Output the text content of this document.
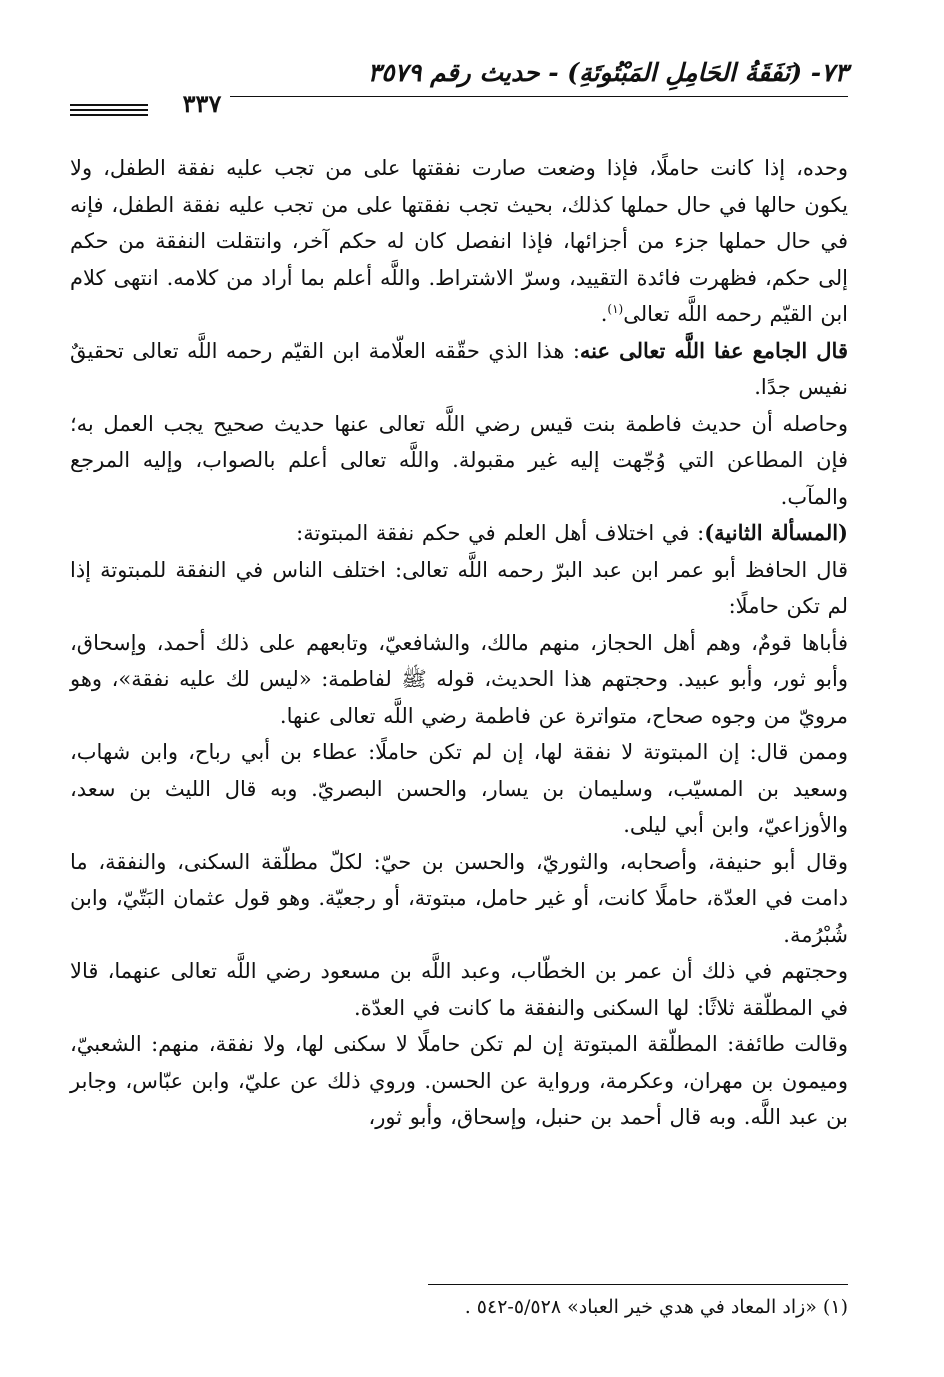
٧٣- (نَفَقَةُ الحَامِلِ المَبْتُوتَةِ) - حديث رقم ٣٥٧٩
٣٣٧

وحده، إذا كانت حاملًا، فإذا وضعت صارت نفقتها على من تجب عليه نفقة الطفل، ولا يكون حالها في حال حملها كذلك، بحيث تجب نفقتها على من تجب عليه نفقة الطفل، فإنه في حال حملها جزء من أجزائها، فإذا انفصل كان له حكم آخر، وانتقلت النفقة من حكم إلى حكم، فظهرت فائدة التقييد، وسرّ الاشتراط. واللَّه أعلم بما أراد من كلامه. انتهى كلام ابن القيّم رحمه اللَّه تعالى$^{(١)}$.

قال الجامع عفا اللَّه تعالى عنه: هذا الذي حقّقه العلّامة ابن القيّم رحمه اللَّه تعالى تحقيقٌ نفيس جدًا.

وحاصله أن حديث فاطمة بنت قيس رضي اللَّه تعالى عنها حديث صحيح يجب العمل به؛ فإن المطاعن التي وُجّهت إليه غير مقبولة. واللَّه تعالى أعلم بالصواب، وإليه المرجع والمآب.

(المسألة الثانية): في اختلاف أهل العلم في حكم نفقة المبتوتة:

قال الحافظ أبو عمر ابن عبد البرّ رحمه اللَّه تعالى: اختلف الناس في النفقة للمبتوتة إذا لم تكن حاملًا:

فأباها قومٌ، وهم أهل الحجاز، منهم مالك، والشافعيّ، وتابعهم على ذلك أحمد، وإسحاق، وأبو ثور، وأبو عبيد. وحجتهم هذا الحديث، قوله ﷺ لفاطمة: «ليس لك عليه نفقة»، وهو مرويّ من وجوه صحاح، متواترة عن فاطمة رضي اللَّه تعالى عنها.

وممن قال: إن المبتوتة لا نفقة لها، إن لم تكن حاملًا: عطاء بن أبي رباح، وابن شهاب، وسعيد بن المسيّب، وسليمان بن يسار، والحسن البصريّ. وبه قال الليث بن سعد، والأوزاعيّ، وابن أبي ليلى.

وقال أبو حنيفة، وأصحابه، والثوريّ، والحسن بن حيّ: لكلّ مطلّقة السكنى، والنفقة، ما دامت في العدّة، حاملًا كانت، أو غير حامل، مبتوتة، أو رجعيّة. وهو قول عثمان البَتّيّ، وابن شُبْرُمة.

وحجتهم في ذلك أن عمر بن الخطّاب، وعبد اللَّه بن مسعود رضي اللَّه تعالى عنهما، قالا في المطلّقة ثلاثًا: لها السكنى والنفقة ما كانت في العدّة.

وقالت طائفة: المطلّقة المبتوتة إن لم تكن حاملًا لا سكنى لها، ولا نفقة، منهم: الشعبيّ، وميمون بن مهران، وعكرمة، ورواية عن الحسن. وروي ذلك عن عليّ، وابن عبّاس، وجابر بن عبد اللَّه. وبه قال أحمد بن حنبل، وإسحاق، وأبو ثور،

(١) «زاد المعاد في هدي خير العباد» ٥/٥٢٨-٥٤٢ .
